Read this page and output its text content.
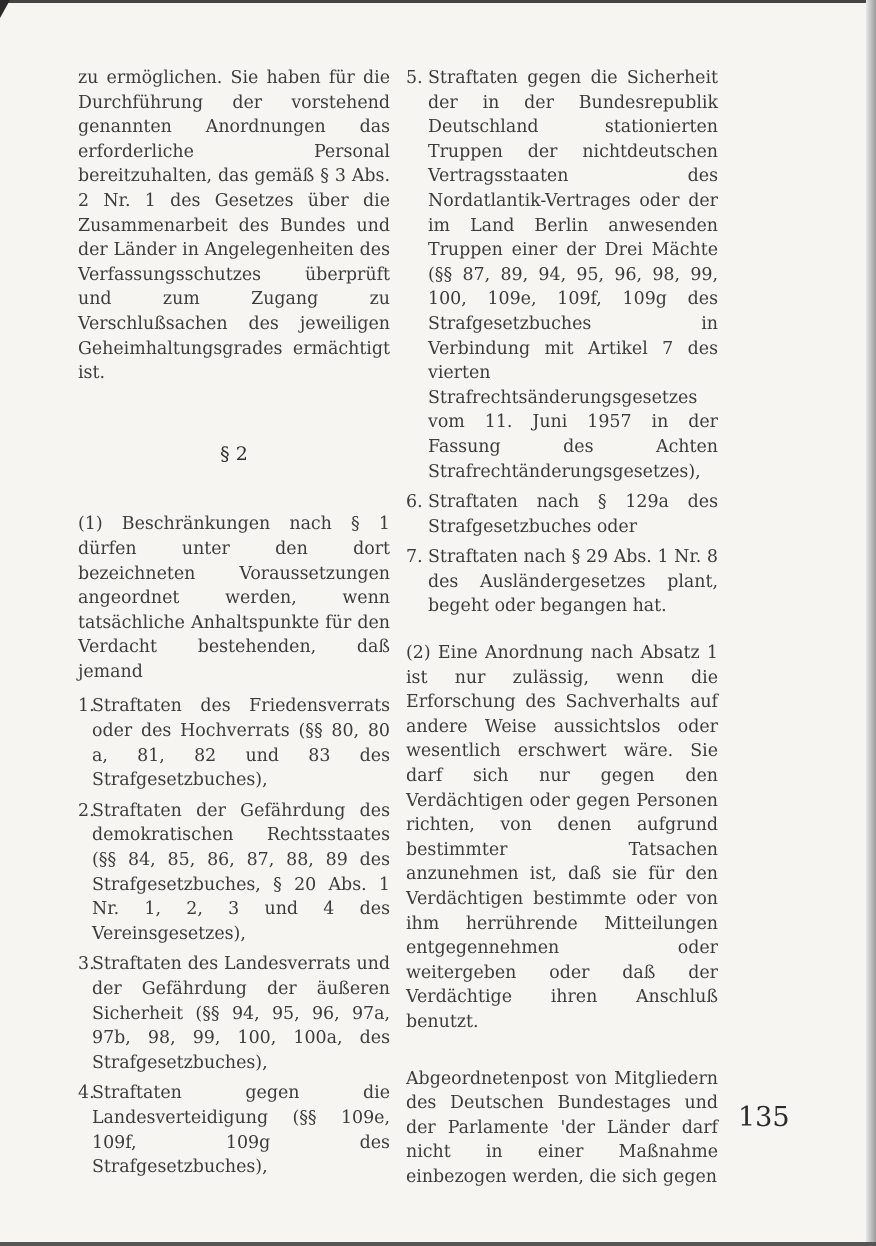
zu ermöglichen. Sie haben für die Durchführung der vorstehend genannten Anordnungen das erforderliche Personal bereitzuhalten, das gemäß § 3 Abs. 2 Nr. 1 des Gesetzes über die Zusammenarbeit des Bundes und der Länder in Angelegenheiten des Verfassungsschutzes überprüft und zum Zugang zu Verschlußsachen des jeweiligen Geheimhaltungsgrades ermächtigt ist.

§ 2

(1) Beschränkungen nach § 1 dürfen unter den dort bezeichneten Voraussetzungen angeordnet werden, wenn tatsächliche Anhaltspunkte für den Verdacht bestehenden, daß jemand

1.
Straftaten des Friedensverrats oder des Hochverrats (§§ 80, 80 a, 81, 82 und 83 des Strafgesetzbuches),
2.
Straftaten der Gefährdung des demokratischen Rechtsstaates (§§ 84, 85, 86, 87, 88, 89 des Strafgesetzbuches, § 20 Abs. 1 Nr. 1, 2, 3 und 4 des Vereinsgesetzes),
3.
Straftaten des Landesverrats und der Gefährdung der äußeren Sicherheit (§§ 94, 95, 96, 97a, 97b, 98, 99, 100, 100a, des Strafgesetzbuches),
4.
Straftaten gegen die Landesverteidigung (§§ 109e, 109f, 109g des Strafgesetzbuches),
5. Straftaten gegen die Sicherheit der in der Bundesrepublik Deutschland stationierten Truppen der nichtdeutschen Vertragsstaaten des Nordatlantik-Vertrages oder der im Land Berlin anwesenden Truppen einer der Drei Mächte (§§ 87, 89, 94, 95, 96, 98, 99, 100, 109e, 109f, 109g des Strafgesetzbuches in Verbindung mit Artikel 7 des vierten Strafrechtsänderungsgesetzes vom 11. Juni 1957 in der Fassung des Achten Strafrechtänderungsgesetzes),
6. Straftaten nach § 129a des Strafgesetzbuches oder
7. Straftaten nach § 29 Abs. 1 Nr. 8 des Ausländergesetzes plant, begeht oder begangen hat.

(2) Eine Anordnung nach Absatz 1 ist nur zulässig, wenn die Erforschung des Sachverhalts auf andere Weise aussichtslos oder wesentlich erschwert wäre. Sie darf sich nur gegen den Verdächtigen oder gegen Personen richten, von denen aufgrund bestimmter Tatsachen anzunehmen ist, daß sie für den Verdächtigen bestimmte oder von ihm herrührende Mitteilungen entgegennehmen oder weitergeben oder daß der Verdächtige ihren Anschluß benutzt.

Abgeordnetenpost von Mitgliedern des Deutschen Bundestages und der Parlamente 'der Länder darf nicht in einer Maßnahme einbezogen werden, die sich gegen

135
